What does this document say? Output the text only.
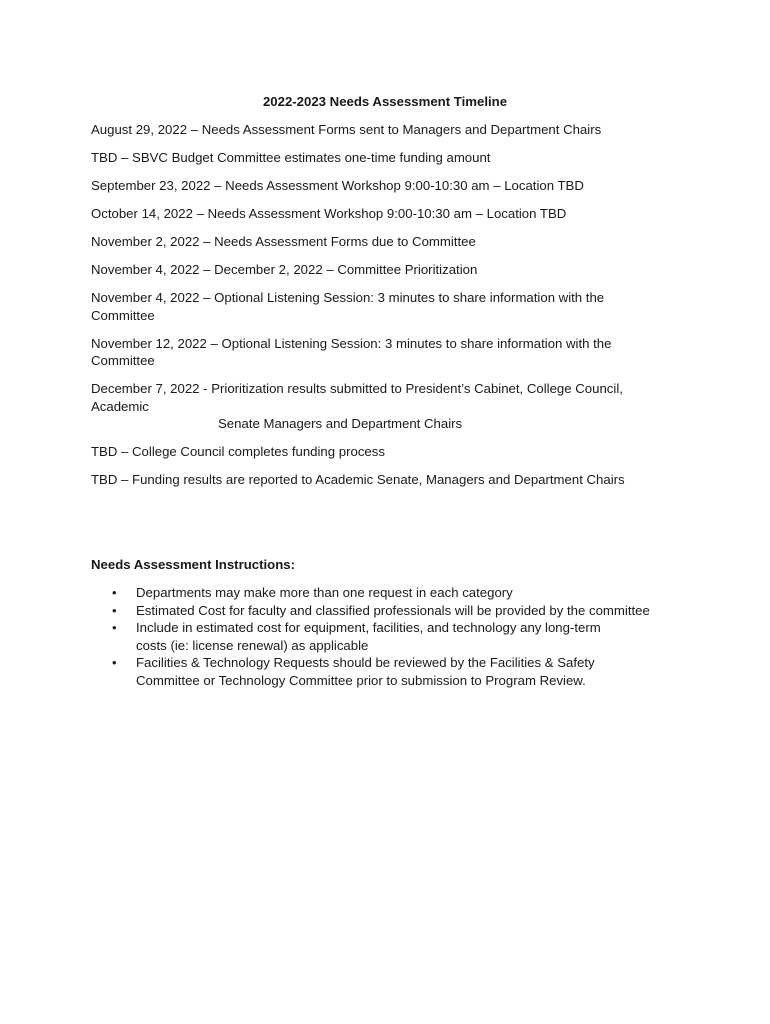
2022-2023 Needs Assessment Timeline
August 29, 2022 – Needs Assessment Forms sent to Managers and Department Chairs
TBD – SBVC Budget Committee estimates one-time funding amount
September 23, 2022 – Needs Assessment Workshop 9:00-10:30 am – Location TBD
October 14, 2022 – Needs Assessment Workshop 9:00-10:30 am – Location TBD
November 2, 2022 – Needs Assessment Forms due to Committee
November 4, 2022 – December 2, 2022 – Committee Prioritization
November 4, 2022 – Optional Listening Session: 3 minutes to share information with the Committee
November 12, 2022 – Optional Listening Session: 3 minutes to share information with the Committee
December 7, 2022 - Prioritization results submitted to President’s Cabinet, College Council, Academic
Senate Managers and Department Chairs
TBD – College Council completes funding process
TBD – Funding results are reported to Academic Senate, Managers and Department Chairs
Needs Assessment Instructions:
• Departments may make more than one request in each category
• Estimated Cost for faculty and classified professionals will be provided by the committee
• Include in estimated cost for equipment, facilities, and technology any long-term costs (ie: license renewal) as applicable
• Facilities & Technology Requests should be reviewed by the Facilities & Safety Committee or Technology Committee prior to submission to Program Review.
